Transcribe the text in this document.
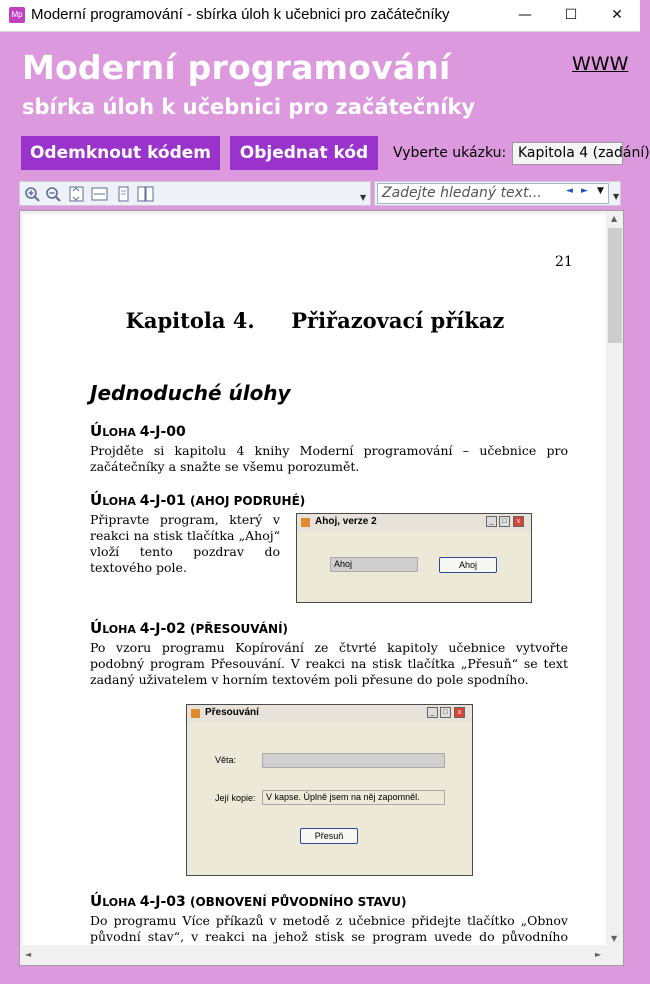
Mp Moderní programování - sbírka úloh k učebnici pro začátečníky	—	☐	✕
Moderní programování
sbírka úloh k učebnici pro začátečníky
WWW
Odemknout kódem	Objednat kód	Vyberte ukázku: Kapitola 4 (zadání)
▼	Zadejte hledaný text...	◄ ► ▼
▼
21
Kapitola 4.     Přiřazovací příkaz
Jednoduché úlohy
ÚLOHA 4-J-00
Projděte si kapitolu 4 knihy Moderní programování – učebnice pro začátečníky a snažte se všemu porozumět.
ÚLOHA 4-J-01 (AHOJ PODRUHÉ)
Připravte program, který v reakci na stisk tlačítka „Ahoj“ vloží tento pozdrav do textového pole.
Ahoj, verze 2	_	□	x
Ahoj	Ahoj
ÚLOHA 4-J-02 (PŘESOUVÁNÍ)
Po vzoru programu Kopírování ze čtvrté kapitoly učebnice vytvořte podobný program Přesouvání. V reakci na stisk tlačítka „Přesuň“ se text zadaný uživatelem v horním textovém poli přesune do pole spodního.
Přesouvání	_	□	x
Věta:
Její kopie:	V kapse. Úplně jsem na něj zapomněl.
Přesuň
ÚLOHA 4-J-03 (OBNOVENÍ PŮVODNÍHO STAVU)
Do programu Více příkazů v metodě z učebnice přidejte tlačítko „Obnov původní stav“, v reakci na jehož stisk se program uvede do původního
▲
▼
◄	►
